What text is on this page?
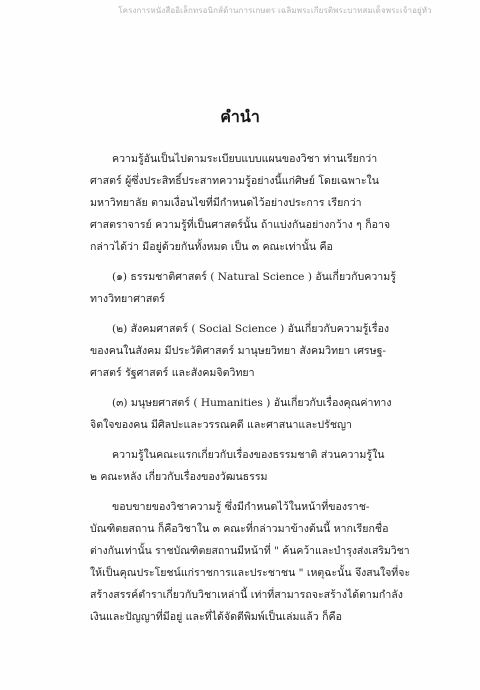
โครงการหนังสืออิเล็กทรอนิกส์ด้านการเกษตร เฉลิมพระเกียรติพระบาทสมเด็จพระเจ้าอยู่หัว
คำนำ
ความรู้อันเป็นไปตามระเบียบแบบแผนของวิชา ท่านเรียกว่า
ศาสตร์ ผู้ซึ่งประสิทธิ์ประสาทความรู้อย่างนี้แก่ศิษย์ โดยเฉพาะใน
มหาวิทยาลัย ตามเงื่อนไขที่มีกำหนดไว้อย่างประการ เรียกว่า
ศาสตราจารย์ ความรู้ที่เป็นศาสตร์นั้น ถ้าแบ่งกันอย่างกว้าง ๆ ก็อาจ
กล่าวได้ว่า มีอยู่ด้วยกันทั้งหมด เป็น ๓ คณะเท่านั้น คือ
(๑) ธรรมชาติศาสตร์ ( Natural Science ) อันเกี่ยวกับความรู้
ทางวิทยาศาสตร์
(๒) สังคมศาสตร์ ( Social Science ) อันเกี่ยวกับความรู้เรื่อง
ของคนในสังคม มีประวัติศาสตร์ มานุษยวิทยา สังคมวิทยา เศรษฐ-
ศาสตร์ รัฐศาสตร์ และสังคมจิตวิทยา
(๓) มนุษยศาสตร์ ( Humanities ) อันเกี่ยวกับเรื่องคุณค่าทาง
จิตใจของคน มีศิลปะและวรรณคดี และศาสนาและปรัชญา
ความรู้ในคณะแรกเกี่ยวกับเรื่องของธรรมชาติ ส่วนความรู้ใน
๒ คณะหลัง เกี่ยวกับเรื่องของวัฒนธรรม
ขอบขายของวิชาความรู้ ซึ่งมีกำหนดไว้ในหน้าที่ของราช-
บัณฑิตยสถาน ก็คือวิชาใน ๓ คณะที่กล่าวมาข้างต้นนี้ หากเรียกชื่อ
ต่างกันเท่านั้น ราชบัณฑิตยสถานมีหน้าที่ " ค้นคว้าและบำรุงส่งเสริมวิชา
ให้เป็นคุณประโยชน์แก่ราชการและประชาชน " เหตุฉะนั้น จึงสนใจที่จะ
สร้างสรรค์ตำราเกี่ยวกับวิชาเหล่านี้ เท่าที่สามารถจะสร้างได้ตามกำลัง
เงินและปัญญาที่มีอยู่ และที่ได้จัดตีพิมพ์เป็นเล่มแล้ว ก็คือ
